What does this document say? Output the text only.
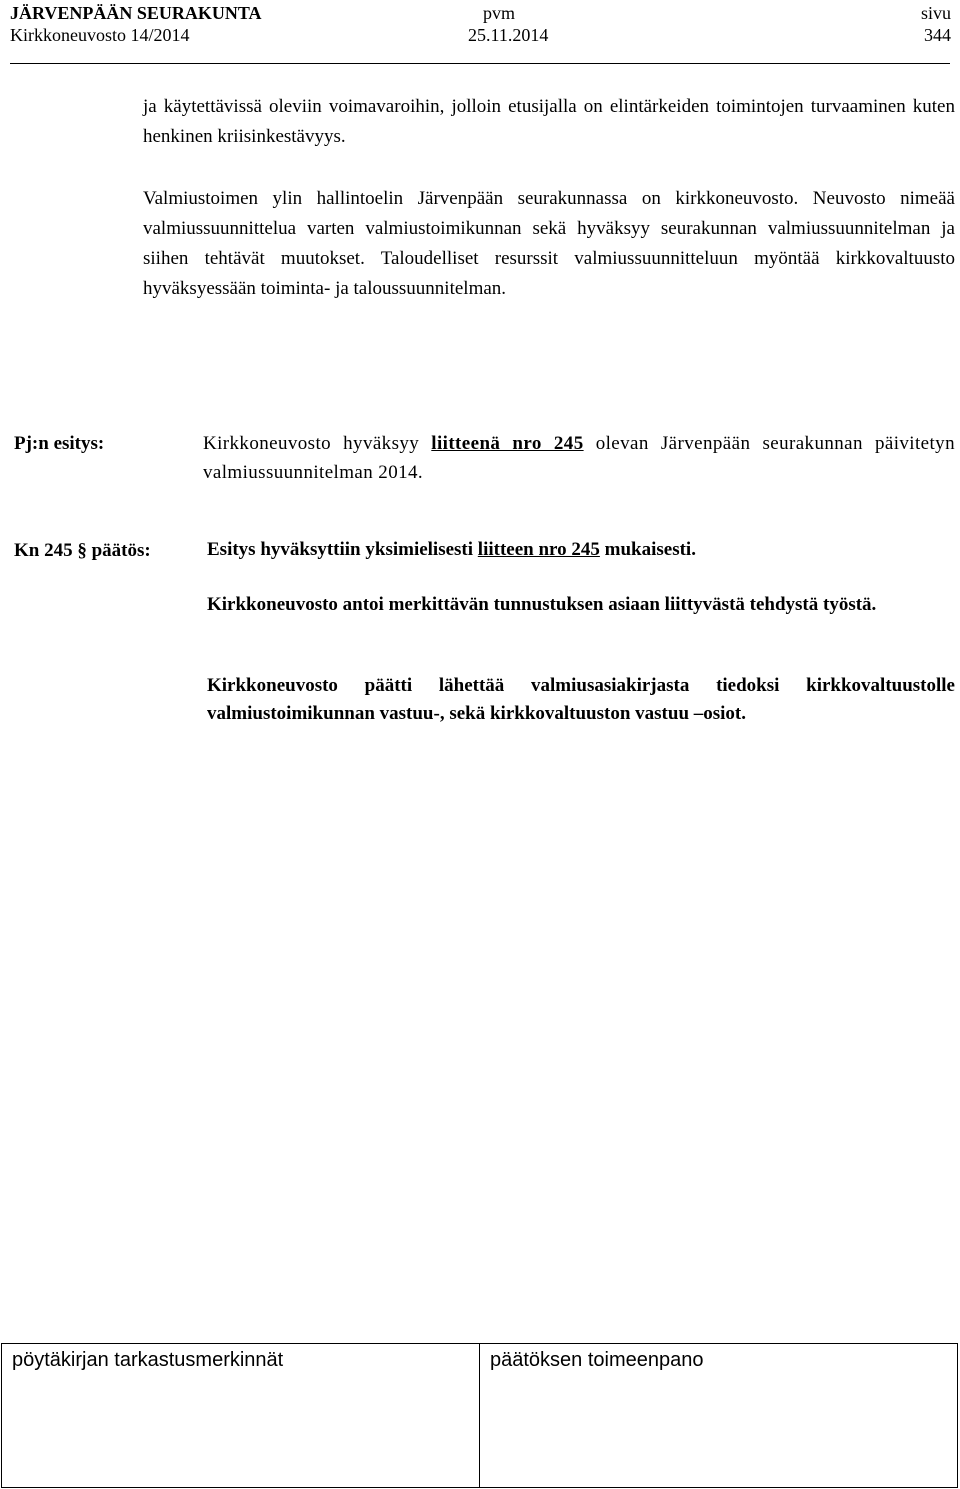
JÄRVENPÄÄN SEURAKUNTA	pvm	sivu
Kirkkoneuvosto 14/2014	25.11.2014	344
ja käytettävissä oleviin voimavaroihin, jolloin etusijalla on elintärkeiden toimintojen turvaaminen kuten henkinen kriisinkestävyys.
Valmiustoimen ylin hallintoelin Järvenpään seurakunnassa on kirkkoneuvosto. Neuvosto nimeää valmiussuunnittelua varten valmiustoimikunnan sekä hyväksyy seurakunnan valmiussuunnitelman ja siihen tehtävät muutokset. Taloudelliset resurssit valmiussuunnitteluun myöntää kirkkovaltuusto hyväksyessään toiminta- ja taloussuunnitelman.
Pj:n esitys:	Kirkkoneuvosto hyväksyy liitteenä nro 245 olevan Järvenpään seurakunnan päivitetyn valmiussuunnitelman 2014.
Kn 245 § päätös:	Esitys hyväksyttiin yksimielisesti liitteen nro 245 mukaisesti.
Kirkkoneuvosto antoi merkittävän tunnustuksen asiaan liittyvästä tehdystä työstä.
Kirkkoneuvosto päätti lähettää valmiusasiakirjasta tiedoksi kirkkovaltuustolle valmiustoimikunnan vastuu-, sekä kirkkovaltuuston vastuu –osiot.
pöytäkirjan tarkastusmerkinnät	päätöksen toimeenpano
